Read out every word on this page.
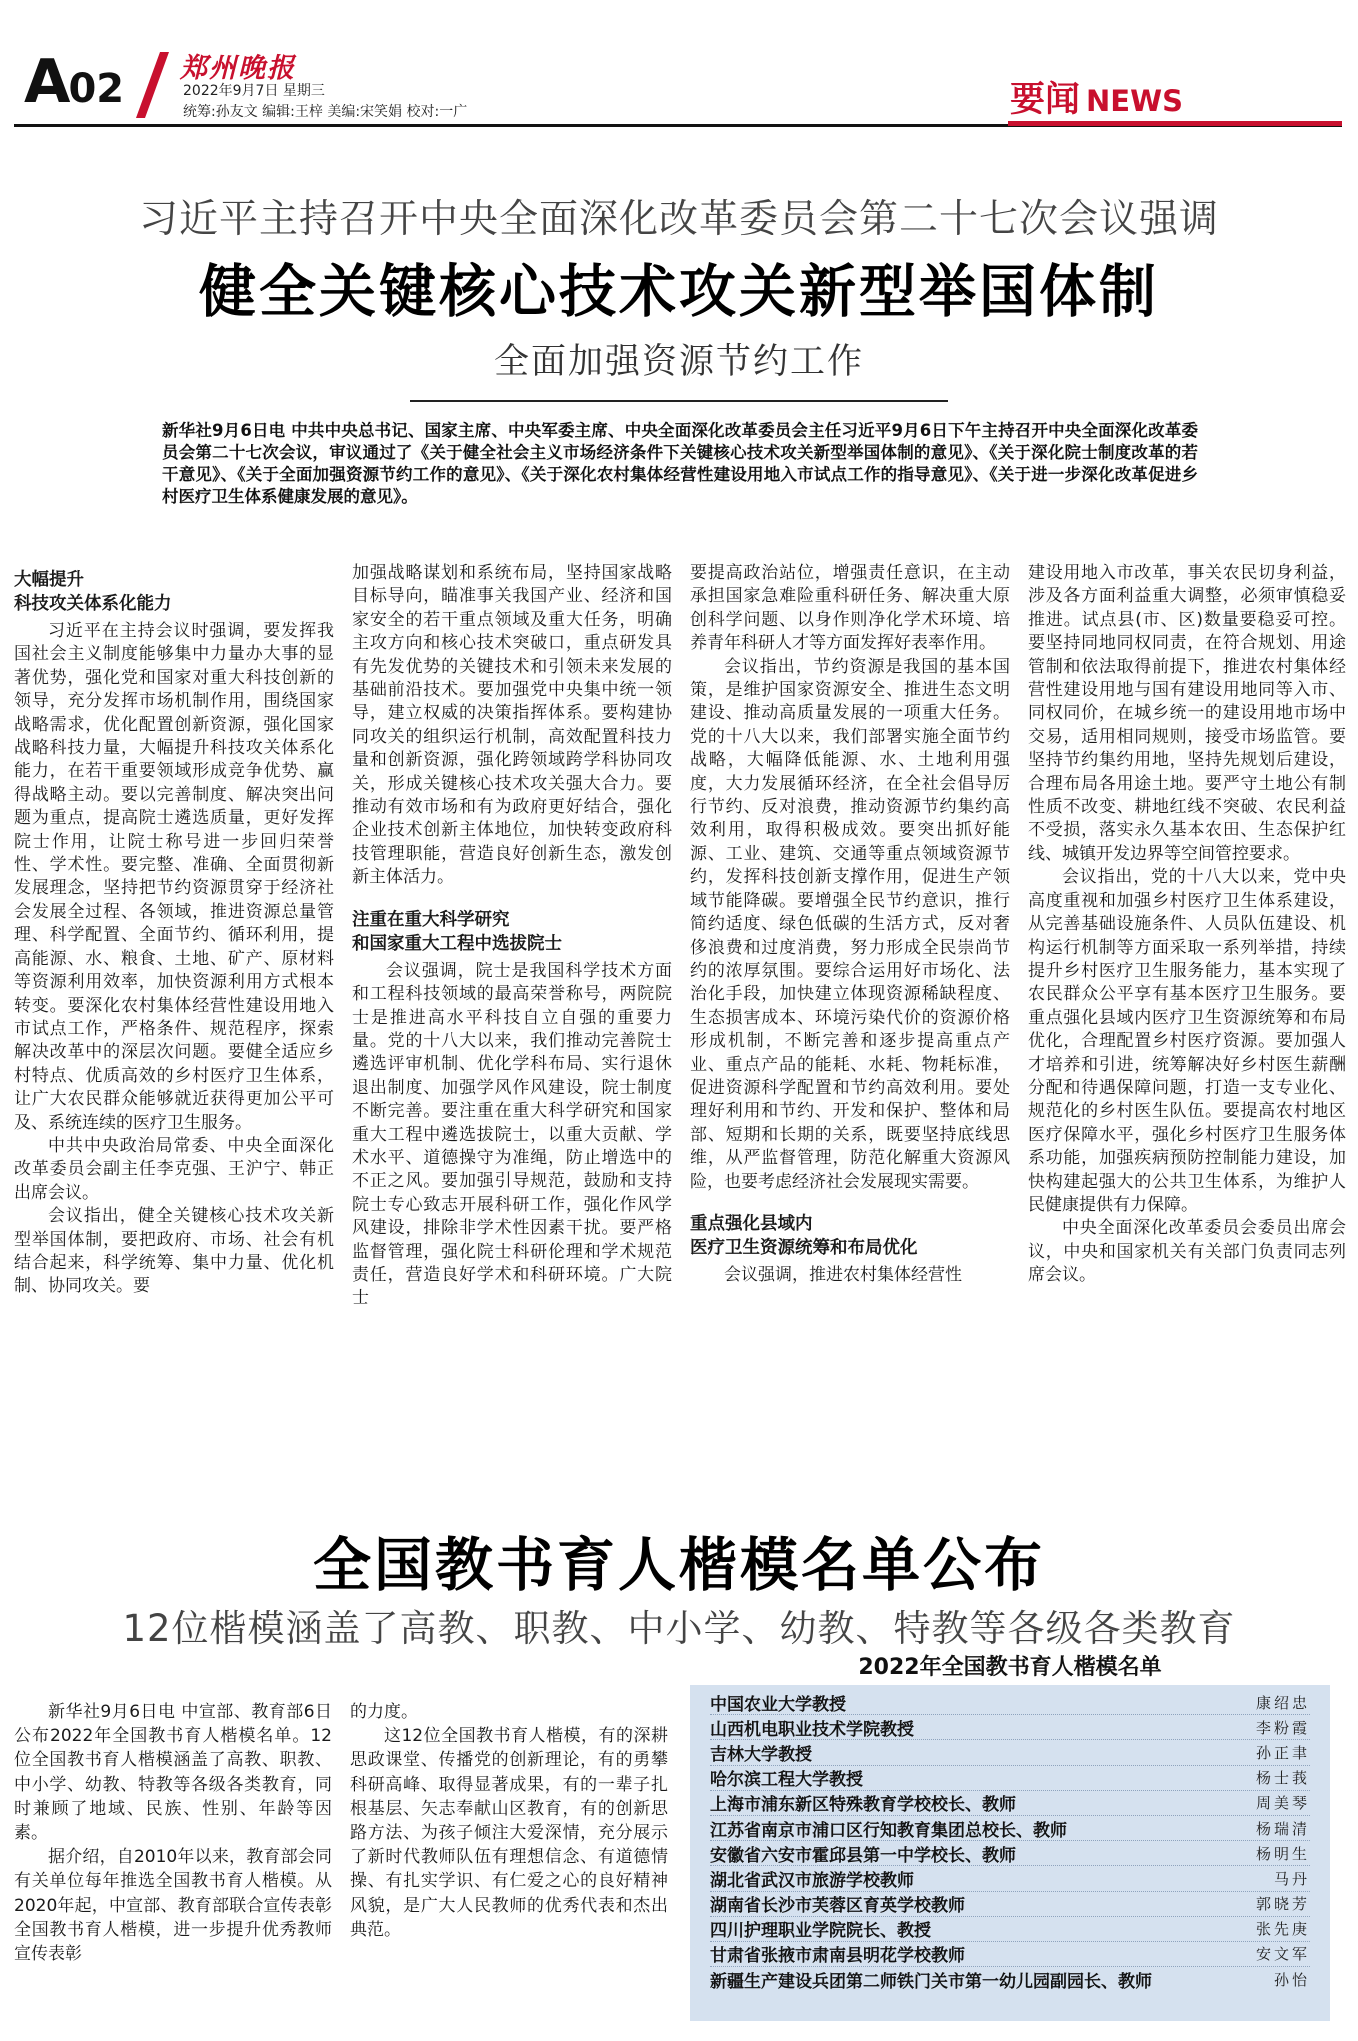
A02 郑州晚报
2022年9月7日 星期三
统筹:孙友文 编辑:王梓 美编:宋笑娟 校对:一广	要闻 NEWS
习近平主持召开中央全面深化改革委员会第二十七次会议强调
健全关键核心技术攻关新型举国体制
全面加强资源节约工作
新华社9月6日电 中共中央总书记、国家主席、中央军委主席、中央全面深化改革委员会主任习近平9月6日下午主持召开中央全面深化改革委员会第二十七次会议，审议通过了《关于健全社会主义市场经济条件下关键核心技术攻关新型举国体制的意见》、《关于深化院士制度改革的若干意见》、《关于全面加强资源节约工作的意见》、《关于深化农村集体经营性建设用地入市试点工作的指导意见》、《关于进一步深化改革促进乡村医疗卫生体系健康发展的意见》。
大幅提升
科技攻关体系化能力

习近平在主持会议时强调，要发挥我国社会主义制度能够集中力量办大事的显著优势，强化党和国家对重大科技创新的领导，充分发挥市场机制作用，围绕国家战略需求，优化配置创新资源，强化国家战略科技力量，大幅提升科技攻关体系化能力，在若干重要领域形成竞争优势、赢得战略主动。要以完善制度、解决突出问题为重点，提高院士遴选质量，更好发挥院士作用，让院士称号进一步回归荣誉性、学术性。要完整、准确、全面贯彻新发展理念，坚持把节约资源贯穿于经济社会发展全过程、各领域，推进资源总量管理、科学配置、全面节约、循环利用，提高能源、水、粮食、土地、矿产、原材料等资源利用效率，加快资源利用方式根本转变。要深化农村集体经营性建设用地入市试点工作，严格条件、规范程序，探索解决改革中的深层次问题。要健全适应乡村特点、优质高效的乡村医疗卫生体系，让广大农民群众能够就近获得更加公平可及、系统连续的医疗卫生服务。

中共中央政治局常委、中央全面深化改革委员会副主任李克强、王沪宁、韩正出席会议。

会议指出，健全关键核心技术攻关新型举国体制，要把政府、市场、社会有机结合起来，科学统筹、集中力量、优化机制、协同攻关。要

加强战略谋划和系统布局，坚持国家战略目标导向，瞄准事关我国产业、经济和国家安全的若干重点领域及重大任务，明确主攻方向和核心技术突破口，重点研发具有先发优势的关键技术和引领未来发展的基础前沿技术。要加强党中央集中统一领导，建立权威的决策指挥体系。要构建协同攻关的组织运行机制，高效配置科技力量和创新资源，强化跨领域跨学科协同攻关，形成关键核心技术攻关强大合力。要推动有效市场和有为政府更好结合，强化企业技术创新主体地位，加快转变政府科技管理职能，营造良好创新生态，激发创新主体活力。

注重在重大科学研究
和国家重大工程中选拔院士

会议强调，院士是我国科学技术方面和工程科技领域的最高荣誉称号，两院院士是推进高水平科技自立自强的重要力量。党的十八大以来，我们推动完善院士遴选评审机制、优化学科布局、实行退休退出制度、加强学风作风建设，院士制度不断完善。要注重在重大科学研究和国家重大工程中遴选拔院士，以重大贡献、学术水平、道德操守为准绳，防止增选中的不正之风。要加强引导规范，鼓励和支持院士专心致志开展科研工作，强化作风学风建设，排除非学术性因素干扰。要严格监督管理，强化院士科研伦理和学术规范责任，营造良好学术和科研环境。广大院士

要提高政治站位，增强责任意识，在主动承担国家急难险重科研任务、解决重大原创科学问题、以身作则净化学术环境、培养青年科研人才等方面发挥好表率作用。

会议指出，节约资源是我国的基本国策，是维护国家资源安全、推进生态文明建设、推动高质量发展的一项重大任务。党的十八大以来，我们部署实施全面节约战略，大幅降低能源、水、土地利用强度，大力发展循环经济，在全社会倡导厉行节约、反对浪费，推动资源节约集约高效利用，取得积极成效。要突出抓好能源、工业、建筑、交通等重点领域资源节约，发挥科技创新支撑作用，促进生产领域节能降碳。要增强全民节约意识，推行简约适度、绿色低碳的生活方式，反对奢侈浪费和过度消费，努力形成全民崇尚节约的浓厚氛围。要综合运用好市场化、法治化手段，加快建立体现资源稀缺程度、生态损害成本、环境污染代价的资源价格形成机制，不断完善和逐步提高重点产业、重点产品的能耗、水耗、物耗标准，促进资源科学配置和节约高效利用。要处理好利用和节约、开发和保护、整体和局部、短期和长期的关系，既要坚持底线思维，从严监督管理，防范化解重大资源风险，也要考虑经济社会发展现实需要。

重点强化县域内
医疗卫生资源统筹和布局优化

会议强调，推进农村集体经营性

建设用地入市改革，事关农民切身利益，涉及各方面利益重大调整，必须审慎稳妥推进。试点县(市、区)数量要稳妥可控。要坚持同地同权同责，在符合规划、用途管制和依法取得前提下，推进农村集体经营性建设用地与国有建设用地同等入市、同权同价，在城乡统一的建设用地市场中交易，适用相同规则，接受市场监管。要坚持节约集约用地，坚持先规划后建设，合理布局各用途土地。要严守土地公有制性质不改变、耕地红线不突破、农民利益不受损，落实永久基本农田、生态保护红线、城镇开发边界等空间管控要求。

会议指出，党的十八大以来，党中央高度重视和加强乡村医疗卫生体系建设，从完善基础设施条件、人员队伍建设、机构运行机制等方面采取一系列举措，持续提升乡村医疗卫生服务能力，基本实现了农民群众公平享有基本医疗卫生服务。要重点强化县域内医疗卫生资源统筹和布局优化，合理配置乡村医疗资源。要加强人才培养和引进，统筹解决好乡村医生薪酬分配和待遇保障问题，打造一支专业化、规范化的乡村医生队伍。要提高农村地区医疗保障水平，强化乡村医疗卫生服务体系功能，加强疾病预防控制能力建设，加快构建起强大的公共卫生体系，为维护人民健康提供有力保障。

中央全面深化改革委员会委员出席会议，中央和国家机关有关部门负责同志列席会议。

全国教书育人楷模名单公布
12位楷模涵盖了高教、职教、中小学、幼教、特教等各级各类教育

新华社9月6日电 中宣部、教育部6日公布2022年全国教书育人楷模名单。12位全国教书育人楷模涵盖了高教、职教、中小学、幼教、特教等各级各类教育，同时兼顾了地域、民族、性别、年龄等因素。

据介绍，自2010年以来，教育部会同有关单位每年推选全国教书育人楷模。从2020年起，中宣部、教育部联合宣传表彰全国教书育人楷模，进一步提升优秀教师宣传表彰

的力度。

这12位全国教书育人楷模，有的深耕思政课堂、传播党的创新理论，有的勇攀科研高峰、取得显著成果，有的一辈子扎根基层、矢志奉献山区教育，有的创新思路方法、为孩子倾注大爱深情，充分展示了新时代教师队伍有理想信念、有道德情操、有扎实学识、有仁爱之心的良好精神风貌，是广大人民教师的优秀代表和杰出典范。

2022年全国教书育人楷模名单
中国农业大学教授	康绍忠
山西机电职业技术学院教授	李粉霞
吉林大学教授	孙正聿
哈尔滨工程大学教授	杨士莪
上海市浦东新区特殊教育学校校长、教师	周美琴
江苏省南京市浦口区行知教育集团总校长、教师	杨瑞清
安徽省六安市霍邱县第一中学校长、教师	杨明生
湖北省武汉市旅游学校教师	马丹
湖南省长沙市芙蓉区育英学校教师	郭晓芳
四川护理职业学院院长、教授	张先庚
甘肃省张掖市肃南县明花学校教师	安文军
新疆生产建设兵团第二师铁门关市第一幼儿园副园长、教师	孙怡
